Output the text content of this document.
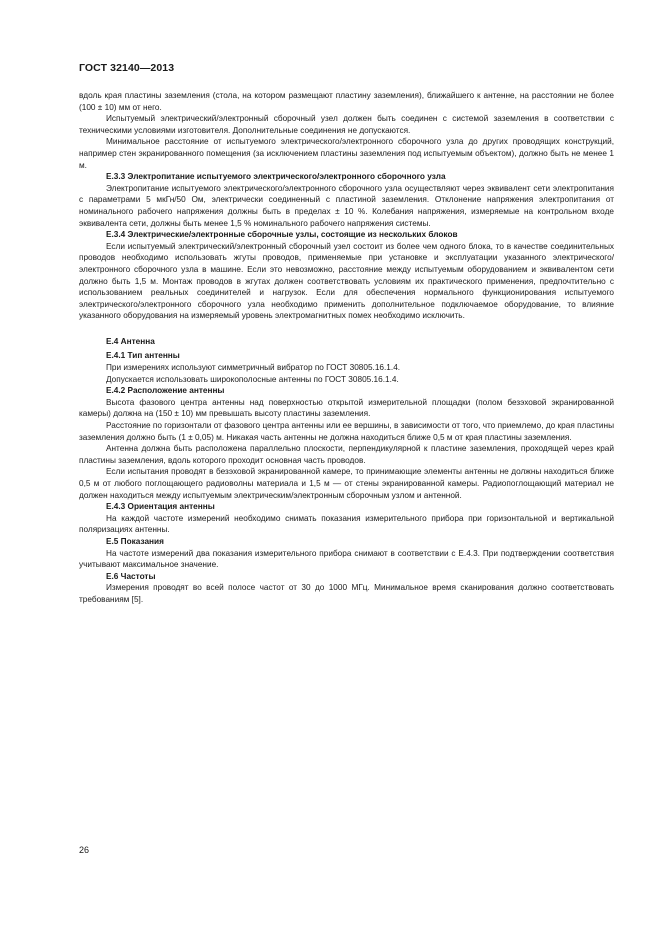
ГОСТ 32140—2013

вдоль края пластины заземления (стола, на котором размещают пластину заземления), ближайшего к антенне, на расстоянии не более (100 ± 10) мм от него.

Испытуемый электрический/электронный сборочный узел должен быть соединен с системой заземления в соответствии с техническими условиями изготовителя. Дополнительные соединения не допускаются.

Минимальное расстояние от испытуемого электрического/электронного сборочного узла до других проводящих конструкций, например стен экранированного помещения (за исключением пластины заземления под испытуемым объектом), должно быть не менее 1 м.

Е.3.3 Электропитание испытуемого электрического/электронного сборочного узла

Электропитание испытуемого электрического/электронного сборочного узла осуществляют через эквивалент сети электропитания с параметрами 5 мкГн/50 Ом, электрически соединенный с пластиной заземления. Отклонение напряжения электропитания от номинального рабочего напряжения должны быть в пределах ± 10 %. Колебания напряжения, измеряемые на контрольном входе эквивалента сети, должны быть менее 1,5 % номинального рабочего напряжения системы.

Е.3.4 Электрические/электронные сборочные узлы, состоящие из нескольких блоков

Если испытуемый электрический/электронный сборочный узел состоит из более чем одного блока, то в качестве соединительных проводов необходимо использовать жгуты проводов, применяемые при установке и эксплуатации указанного электрического/электронного сборочного узла в машине. Если это невозможно, расстояние между испытуемым оборудованием и эквивалентом сети должно быть 1,5 м. Монтаж проводов в жгутах должен соответствовать условиям их практического применения, предпочтительно с использованием реальных соединителей и нагрузок. Если для обеспечения нормального функционирования испытуемого электрического/электронного сборочного узла необходимо применить дополнительное подключаемое оборудование, то влияние указанного оборудования на измеряемый уровень электромагнитных помех необходимо исключить.

Е.4 Антенна

Е.4.1 Тип антенны

При измерениях используют симметричный вибратор по ГОСТ 30805.16.1.4.

Допускается использовать широкополосные антенны по ГОСТ 30805.16.1.4.

Е.4.2 Расположение антенны

Высота фазового центра антенны над поверхностью открытой измерительной площадки (полом безэховой экранированной камеры) должна на (150 ± 10) мм превышать высоту пластины заземления.

Расстояние по горизонтали от фазового центра антенны или ее вершины, в зависимости от того, что приемлемо, до края пластины заземления должно быть (1 ± 0,05) м. Никакая часть антенны не должна находиться ближе 0,5 м от края пластины заземления.

Антенна должна быть расположена параллельно плоскости, перпендикулярной к пластине заземления, проходящей через край пластины заземления, вдоль которого проходит основная часть проводов.

Если испытания проводят в безэховой экранированной камере, то принимающие элементы антенны не должны находиться ближе 0,5 м от любого поглощающего радиоволны материала и 1,5 м — от стены экранированной камеры. Радиопоглощающий материал не должен находиться между испытуемым электрическим/электронным сборочным узлом и антенной.

Е.4.3 Ориентация антенны

На каждой частоте измерений необходимо снимать показания измерительного прибора при горизонтальной и вертикальной поляризациях антенны.

Е.5 Показания

На частоте измерений два показания измерительного прибора снимают в соответствии с Е.4.3. При подтверждении соответствия учитывают максимальное значение.

Е.6 Частоты

Измерения проводят во всей полосе частот от 30 до 1000 МГц. Минимальное время сканирования должно соответствовать требованиям [5].

26
